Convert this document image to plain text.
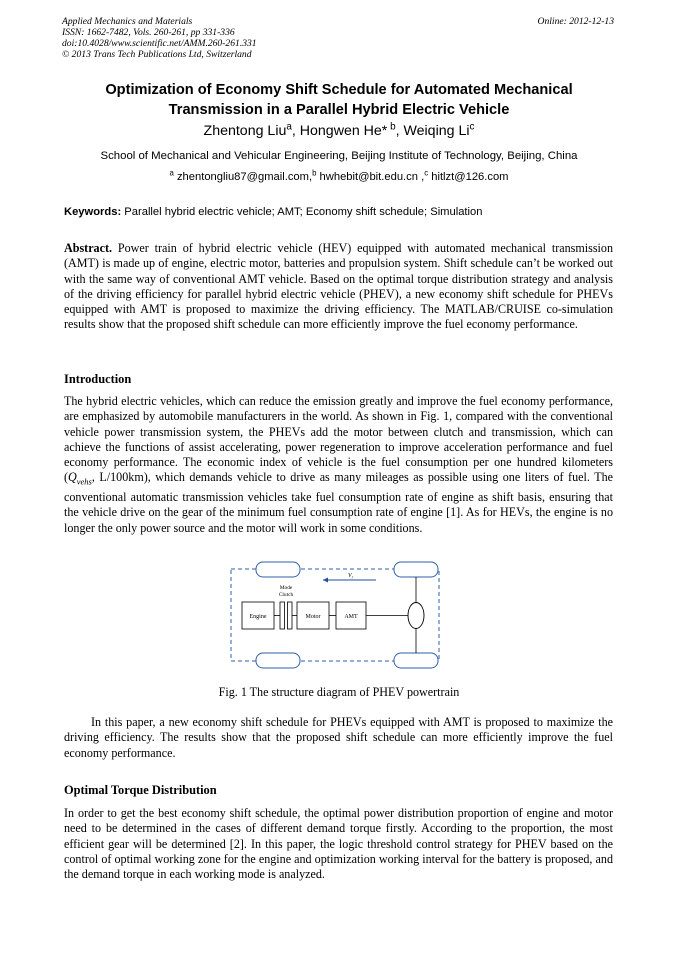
Applied Mechanics and Materials	Online: 2012-12-13
ISSN: 1662-7482, Vols. 260-261, pp 331-336
doi:10.4028/www.scientific.net/AMM.260-261.331
© 2013 Trans Tech Publications Ltd, Switzerland
Optimization of Economy Shift Schedule for Automated Mechanical
Transmission in a Parallel Hybrid Electric Vehicle
Zhentong Liu$^a$, Hongwen He* $^b$, Weiqing Li$^c$
School of Mechanical and Vehicular Engineering, Beijing Institute of Technology, Beijing, China
$^a$ zhentongliu87@gmail.com,$^b$ hwhebit@bit.edu.cn ,$^c$ hitlzt@126.com
Keywords: Parallel hybrid electric vehicle; AMT; Economy shift schedule; Simulation
Abstract. Power train of hybrid electric vehicle (HEV) equipped with automated mechanical transmission (AMT) is made up of engine, electric motor, batteries and propulsion system. Shift schedule can’t be worked out with the same way of conventional AMT vehicle. Based on the optimal torque distribution strategy and analysis of the driving efficiency for parallel hybrid electric vehicle (PHEV), a new economy shift schedule for PHEVs equipped with AMT is proposed to maximize the driving efficiency. The MATLAB/CRUISE co-simulation results show that the proposed shift schedule can more efficiently improve the fuel economy performance.
Introduction
The hybrid electric vehicles, which can reduce the emission greatly and improve the fuel economy performance, are emphasized by automobile manufacturers in the world. As shown in Fig. 1, compared with the conventional vehicle power transmission system, the PHEVs add the motor between clutch and transmission, which can achieve the functions of assist accelerating, power regeneration to improve acceleration performance and fuel economy performance. The economic index of vehicle is the fuel consumption per one hundred kilometers ($Q_{vehs}$, L/100km), which demands vehicle to drive as many mileages as possible using one liters of fuel. The conventional automatic transmission vehicles take fuel consumption rate of engine as shift basis, ensuring that the vehicle drive on the gear of the minimum fuel consumption rate of engine [1]. As for HEVs, the engine is no longer the only power source and the motor will work in some conditions.
Mode
Clutch
$V_r$
Engine	Motor	AMT
Fig. 1 The structure diagram of PHEV powertrain
In this paper, a new economy shift schedule for PHEVs equipped with AMT is proposed to maximize the driving efficiency. The results show that the proposed shift schedule can more efficiently improve the fuel economy performance.
Optimal Torque Distribution
In order to get the best economy shift schedule, the optimal power distribution proportion of engine and motor need to be determined in the cases of different demand torque firstly. According to the proportion, the most efficient gear will be determined [2]. In this paper, the logic threshold control strategy for PHEV based on the control of optimal working zone for the engine and optimization working interval for the battery is proposed, and the demand torque in each working mode is analyzed.
